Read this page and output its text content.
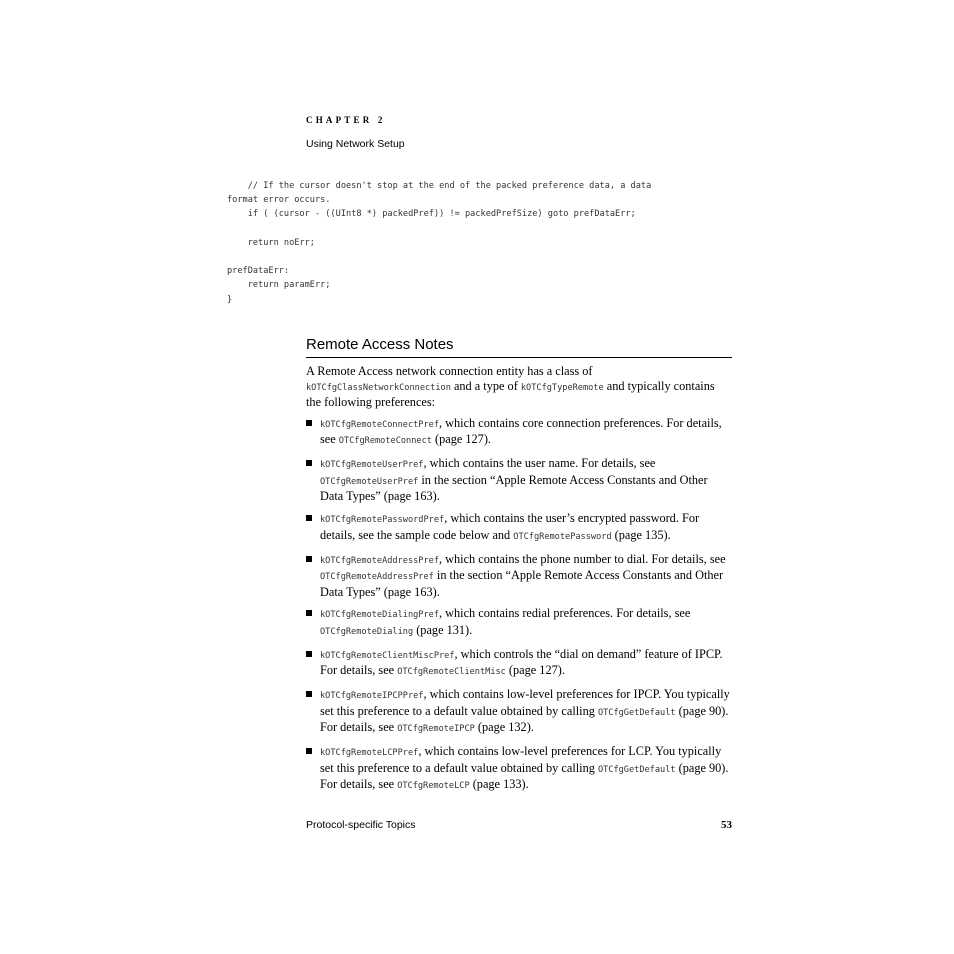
CHAPTER 2

Using Network Setup

// If the cursor doesn't stop at the end of the packed preference data, a data
format error occurs.
if ( (cursor - ((UInt8 *) packedPref)) != packedPrefSize) goto prefDataErr;

return noErr;

prefDataErr:
return paramErr;
}
Remote Access Notes

A Remote Access network connection entity has a class of kOTCfgClassNetworkConnection and a type of kOTCfgTypeRemote and typically contains the following preferences:

kOTCfgRemoteConnectPref, which contains core connection preferences. For details, see OTCfgRemoteConnect (page 127).
kOTCfgRemoteUserPref, which contains the user name. For details, see OTCfgRemoteUserPref in the section “Apple Remote Access Constants and Other Data Types” (page 163).
kOTCfgRemotePasswordPref, which contains the user’s encrypted password. For details, see the sample code below and OTCfgRemotePassword (page 135).
kOTCfgRemoteAddressPref, which contains the phone number to dial. For details, see OTCfgRemoteAddressPref in the section “Apple Remote Access Constants and Other Data Types” (page 163).
kOTCfgRemoteDialingPref, which contains redial preferences. For details, see OTCfgRemoteDialing (page 131).
kOTCfgRemoteClientMiscPref, which controls the “dial on demand” feature of IPCP. For details, see OTCfgRemoteClientMisc (page 127).
kOTCfgRemoteIPCPPref, which contains low-level preferences for IPCP. You typically set this preference to a default value obtained by calling OTCfgGetDefault (page 90). For details, see OTCfgRemoteIPCP (page 132).
kOTCfgRemoteLCPPref, which contains low-level preferences for LCP. You typically set this preference to a default value obtained by calling OTCfgGetDefault (page 90). For details, see OTCfgRemoteLCP (page 133).

Protocol-specific Topics	53
